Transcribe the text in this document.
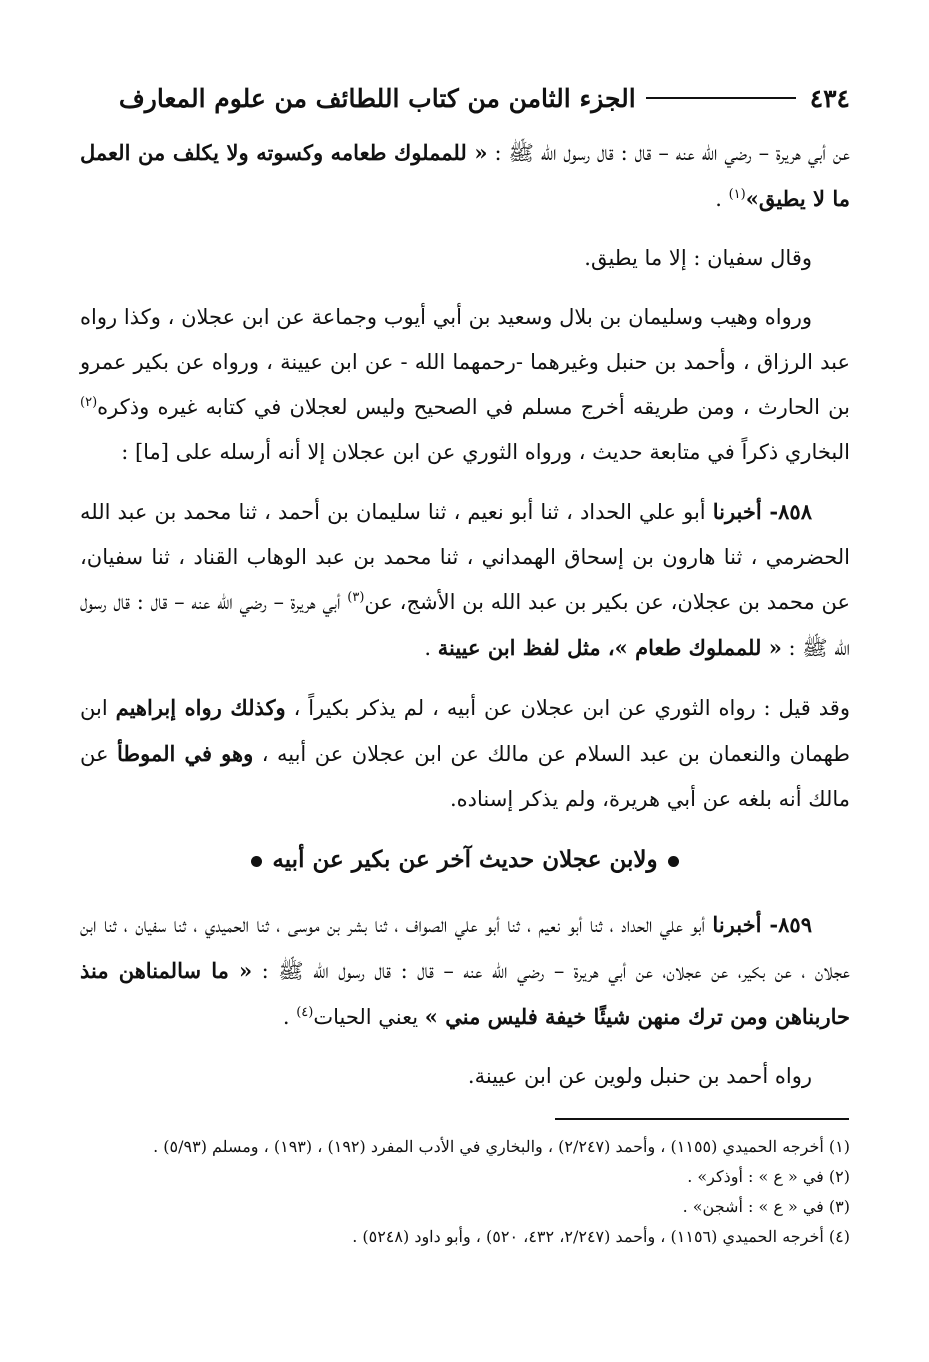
٤٣٤
الجزء الثامن من كتاب اللطائف من علوم المعارف

عن أبي هريرة – رضي الله عنه – قال : قال رسول الله ﷺ : « للمملوك طعامه وكسوته ولا يكلف من العمل ما لا يطيق»$^{(١)}$ .

وقال سفيان : إلا ما يطيق.

ورواه وهيب وسليمان بن بلال وسعيد بن أبي أيوب وجماعة عن ابن عجلان ، وكذا رواه عبد الرزاق ، وأحمد بن حنبل وغيرهما -رحمهما الله - عن ابن عيينة ، ورواه عن بكير عمرو بن الحارث ، ومن طريقه أخرج مسلم في الصحيح وليس لعجلان في كتابه غيره وذكره$^{(٢)}$ البخاري ذكراً في متابعة حديث ، ورواه الثوري عن ابن عجلان إلا أنه أرسله على [ما] :

٨٥٨- أخبرنا أبو علي الحداد ، ثنا أبو نعيم ، ثنا سليمان بن أحمد ، ثنا محمد بن عبد الله الحضرمي ، ثنا هارون بن إسحاق الهمداني ، ثنا محمد بن عبد الوهاب القناد ، ثنا سفيان، عن محمد بن عجلان، عن بكير بن عبد الله بن الأشج، عن$^{(٣)}$ أبي هريرة – رضي الله عنه – قال : قال رسول الله ﷺ : « للمملوك طعام »، مثل لفظ ابن عيينة .

وقد قيل : رواه الثوري عن ابن عجلان عن أبيه ، لم يذكر بكيراً ، وكذلك رواه إبراهيم ابن طهمان والنعمان بن عبد السلام عن مالك عن ابن عجلان عن أبيه ، وهو في الموطأ عن مالك أنه بلغه عن أبي هريرة، ولم يذكر إسناده.

ولابن عجلان حديث آخر عن بكير عن أبيه

٨٥٩- أخبرنا أبو علي الحداد ، ثنا أبو نعيم ، ثنا أبو علي الصواف ، ثنا بشر بن موسى ، ثنا الحميدي ، ثنا سفيان ، ثنا ابن عجلان ، عن بكير، عن عجلان، عن أبي هريرة – رضي الله عنه – قال : قال رسول الله ﷺ : « ما سالمناهن منذ حاربناهن ومن ترك منهن شيئًا خيفة فليس مني » يعني الحيات$^{(٤)}$ .

رواه أحمد بن حنبل ولوين عن ابن عيينة.

(١) أخرجه الحميدي (١١٥٥) ، وأحمد (٢/٢٤٧) ، والبخاري في الأدب المفرد (١٩٢) ، (١٩٣) ، ومسلم (٥/٩٣) .
(٢) في « ع » : أوذكر» .
(٣) في « ع » : أشجن» .
(٤) أخرجه الحميدي (١١٥٦) ، وأحمد (٢/٢٤٧، ٤٣٢، ٥٢٠) ، وأبو داود (٥٢٤٨) .
